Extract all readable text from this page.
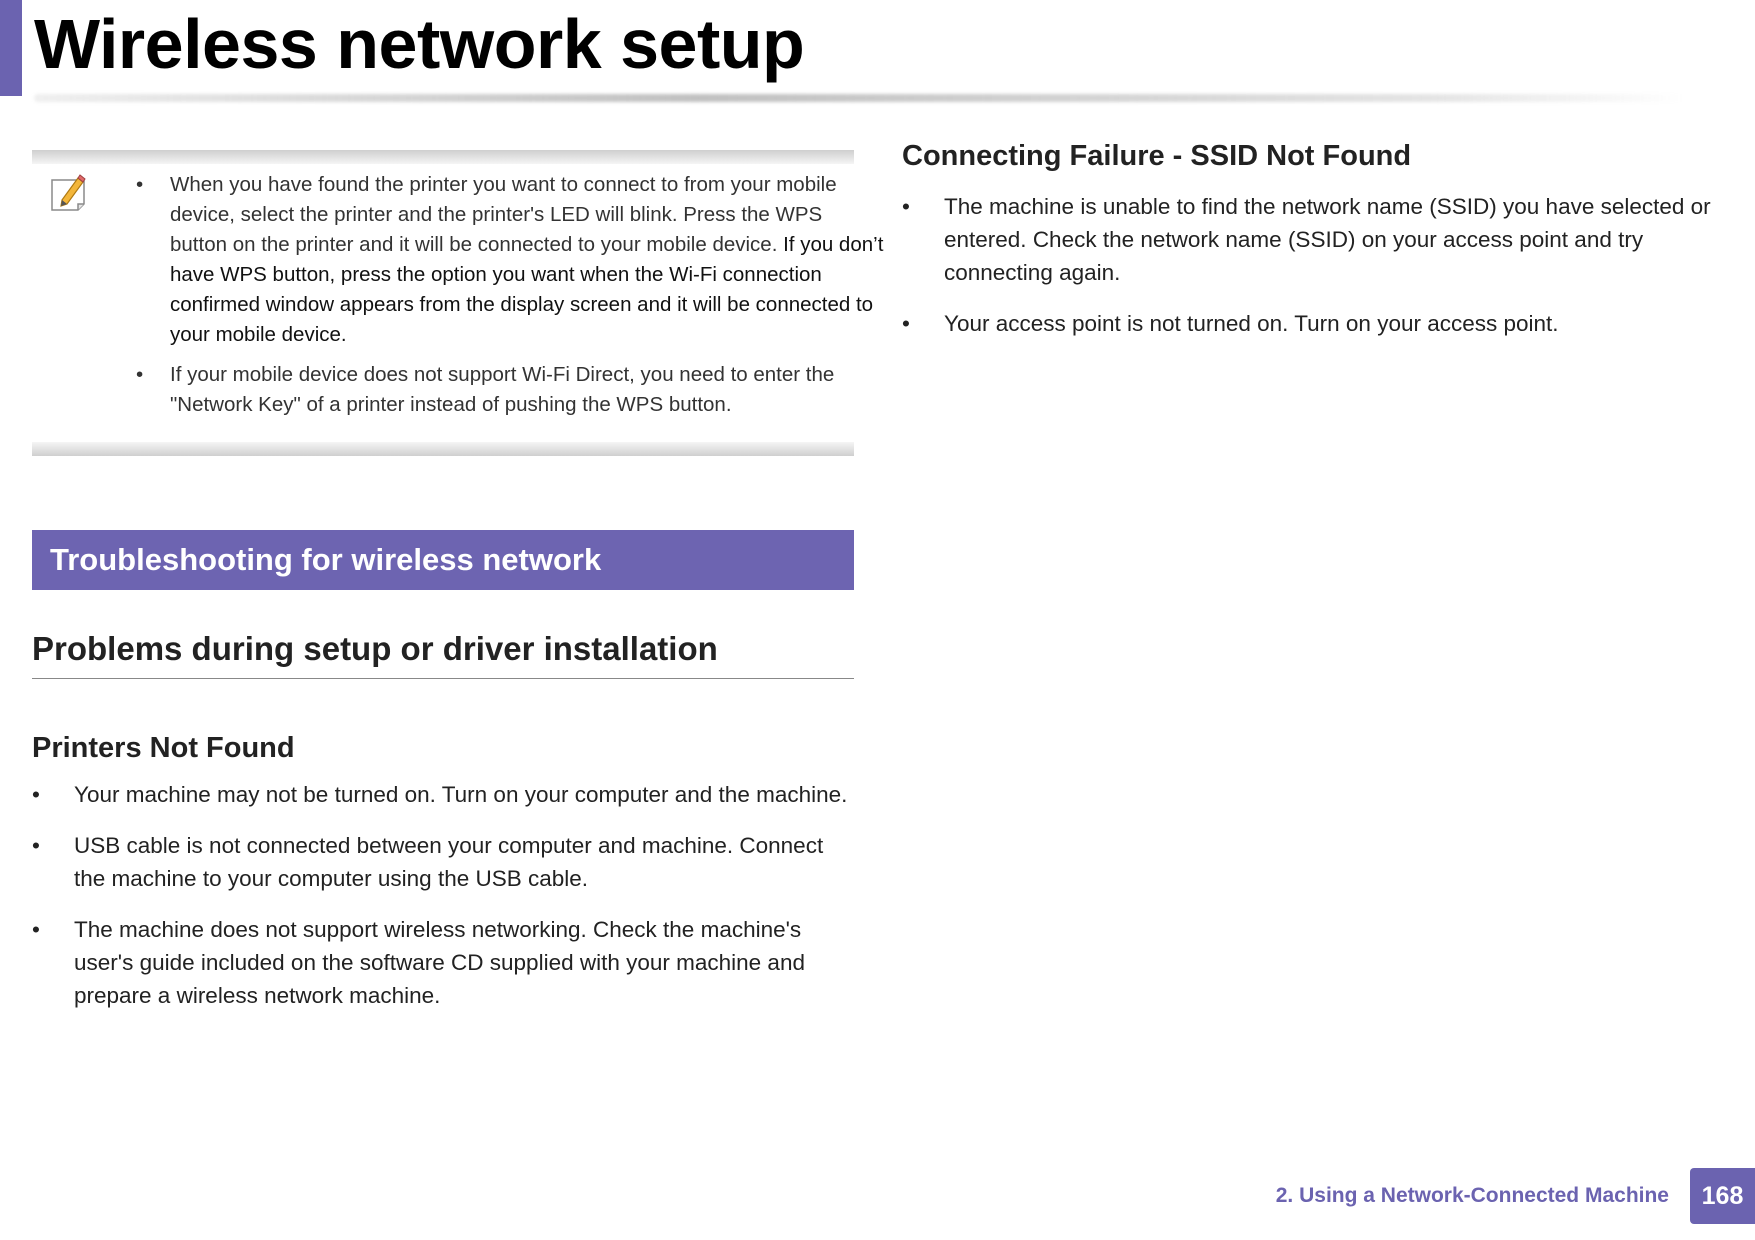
Wireless network setup
• When you have found the printer you want to connect to from your mobile device, select the printer and the printer's LED will blink. Press the WPS button on the printer and it will be connected to your mobile device. If you don’t have WPS button, press the option you want when the Wi-Fi connection confirmed window appears from the display screen and it will be connected to your mobile device.
• If your mobile device does not support Wi-Fi Direct, you need to enter the "Network Key" of a printer instead of pushing the WPS button.
Troubleshooting for wireless network
Problems during setup or driver installation
Printers Not Found
• Your machine may not be turned on. Turn on your computer and the machine.
• USB cable is not connected between your computer and machine. Connect the machine to your computer using the USB cable.
• The machine does not support wireless networking. Check the machine's user's guide included on the software CD supplied with your machine and prepare a wireless network machine.
Connecting Failure - SSID Not Found
• The machine is unable to find the network name (SSID) you have selected or entered. Check the network name (SSID) on your access point and try connecting again.
• Your access point is not turned on. Turn on your access point.

2. Using a Network-Connected Machine	168
